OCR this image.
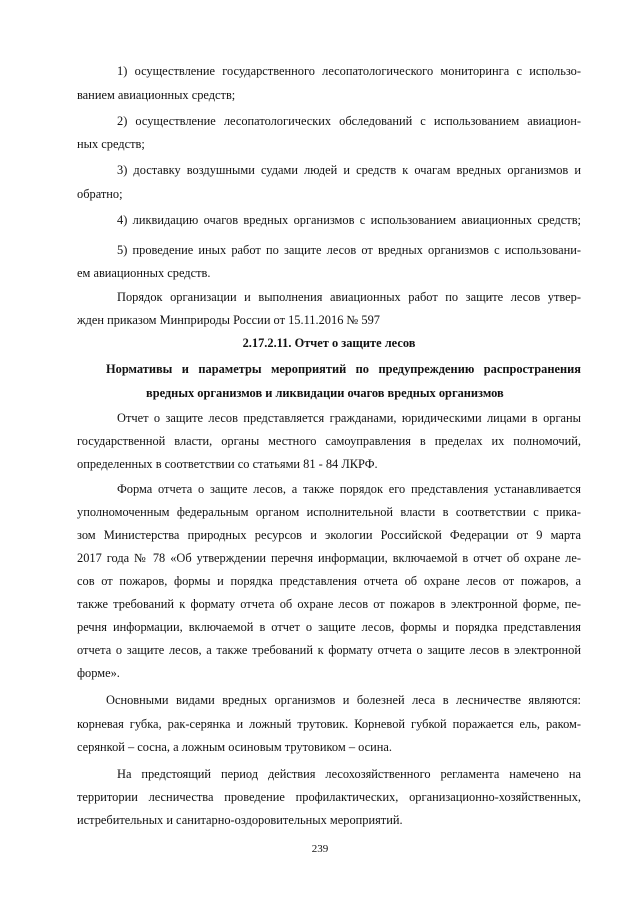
1) осуществление государственного лесопатологического мониторинга с использо-
ванием авиационных средств;
2) осуществление лесопатологических обследований с использованием авиацион-
ных средств;
3) доставку воздушными судами людей и средств к очагам вредных организмов и
обратно;
4) ликвидацию очагов вредных организмов с использованием авиационных средств;
5) проведение иных работ по защите лесов от вредных организмов с использовани-
ем авиационных средств.
Порядок организации и выполнения авиационных работ по защите лесов утвер-
жден приказом Минприроды России от 15.11.2016 № 597
2.17.2.11. Отчет о защите лесов
Нормативы и параметры мероприятий по предупреждению распространения
вредных организмов и ликвидации очагов вредных организмов
Отчет о защите лесов представляется гражданами, юридическими лицами в органы
государственной власти, органы местного самоуправления в пределах их полномочий,
определенных в соответствии со статьями 81 - 84 ЛКРФ.
Форма отчета о защите лесов, а также порядок его представления устанавливается
уполномоченным федеральным органом исполнительной власти в соответствии с прика-
зом Министерства природных ресурсов и экологии Российской Федерации от 9 марта
2017 года № 78 «Об утверждении перечня информации, включаемой в отчет об охране ле-
сов от пожаров, формы и порядка представления отчета об охране лесов от пожаров, а
также требований к формату отчета об охране лесов от пожаров в электронной форме, пе-
речня информации, включаемой в отчет о защите лесов, формы и порядка представления
отчета о защите лесов, а также требований к формату отчета о защите лесов в электронной
форме».
Основными видами вредных организмов и болезней леса в лесничестве являются:
корневая губка, рак-серянка и ложный трутовик. Корневой губкой поражается ель, раком-
серянкой – сосна, а ложным осиновым трутовиком – осина.
На предстоящий период действия лесохозяйственного регламента намечено на
территории лесничества проведение профилактических, организационно-хозяйственных,
истребительных и санитарно-оздоровительных мероприятий.
239
